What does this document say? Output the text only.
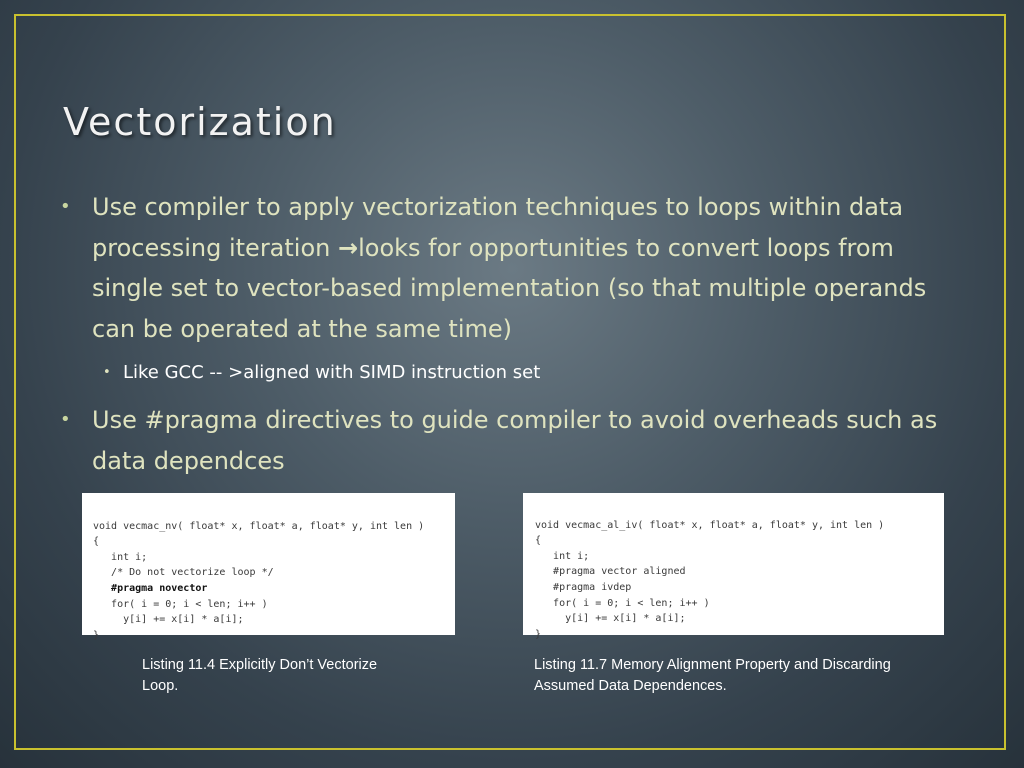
Vectorization
• Use compiler to apply vectorization techniques to loops within data processing iteration →looks for opportunities to convert loops from single set to vector-based implementation (so that multiple operands can be operated at the same time)
• Like GCC -- >aligned with SIMD instruction set
• Use #pragma directives to guide compiler to avoid overheads such as data dependces

void vecmac_nv( float* x, float* a, float* y, int len )
{
int i;
/* Do not vectorize loop */
#pragma novector
for( i = 0; i < len; i++ )
y[i] += x[i] * a[i];
}

void vecmac_al_iv( float* x, float* a, float* y, int len )
{
int i;
#pragma vector aligned
#pragma ivdep
for( i = 0; i < len; i++ )
y[i] += x[i] * a[i];
}

Listing 11.4 Explicitly Don’t Vectorize Loop.
Listing 11.7 Memory Alignment Property and Discarding Assumed Data Dependences.
